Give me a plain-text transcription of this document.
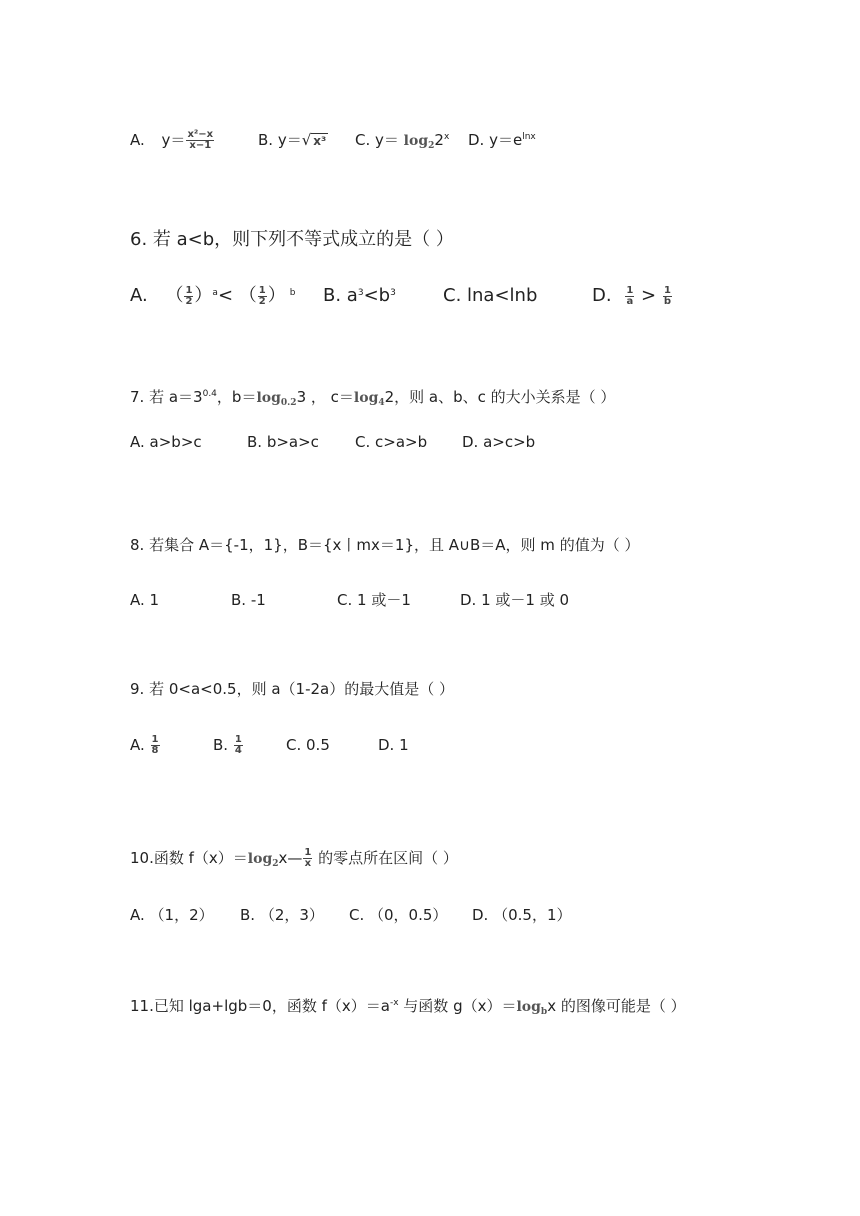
A. $y= \frac{\text{x²−x}}{x-1}$	B. y＝√ x³ C. $y= \log_22^x$ D. $y=e^{lnx}$
6. 若 a<b，则下列不等式成立的是（ ）
A. （ $\frac{1}{2} )^a<$ （ $\frac{1}{2}$ ） $^b$ B. $a^3<b^3$	C. lna<lnb	D. $\frac{1}{a} > \frac{1}{b}$
7. 若 $a=3^{0.4}$，$b=\log_{0.2}3$ ， $c=\log_42$，则 a、b、c 的大小关系是（ ）
A. a>b>c	B. b>a>c C. c>a>b D. a>c>b
8. 若集合 A＝{-1，1}，B＝{x丨mx＝1}，且 A∪B＝A，则 m 的值为（ ）
A. 1	B. -1	C. 1 或－1	D. 1 或－1 或 0
9. 若 0<a<0.5，则 a（1-2a）的最大值是（ ）
A. $\frac{1}{8}$	B. $\frac{1}{4}$	C. 0.5	D. 1
10.函数 $f(x)=\log_2x— \frac{1}{x}$ 的零点所在区间（ ）
A. （1，2） B. （2，3） C. （0，0.5） D. （0.5，1）
11.已知 lga+lgb＝0，函数 $f(x)=a^{-x}$ 与函数 $g(x)=\log_bx$ 的图像可能是（ ）
